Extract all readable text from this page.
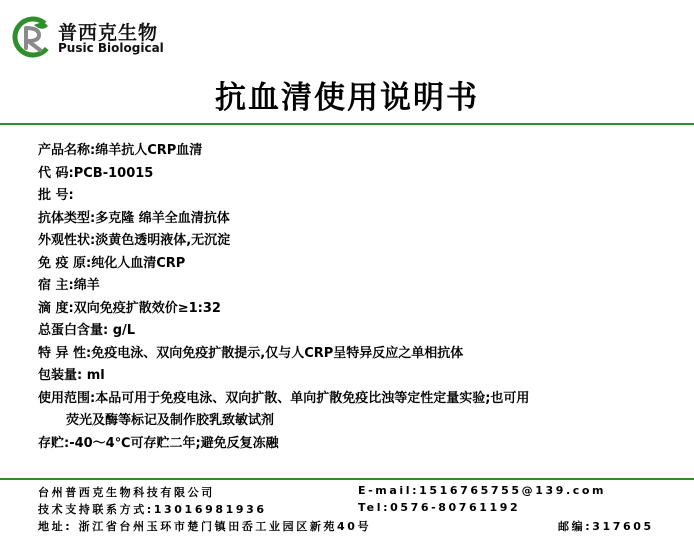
普西克生物
Pusic Biological
抗血清使用说明书
产品名称:绵羊抗人CRP血清
代 码:PCB-10015
批 号:
抗体类型:多克隆 绵羊全血清抗体
外观性状:淡黄色透明液体,无沉淀
免 疫 原:纯化人血清CRP
宿 主:绵羊
滴 度:双向免疫扩散效价≥1:32
总蛋白含量: g/L
特 异 性:免疫电泳、双向免疫扩散提示,仅与人CRP呈特异反应之单相抗体
包装量: ml
使用范围:本品可用于免疫电泳、双向扩散、单向扩散免疫比浊等定性定量实验;也可用
荧光及酶等标记及制作胶乳致敏试剂
存贮:-40～4℃可存贮二年;避免反复冻融
台州普西克生物科技有限公司	E-mail:1516765755@139.com
技术支持联系方式:13016981936	Tel:0576-80761192
地址: 浙江省台州玉环市楚门镇田岙工业园区新苑40号	邮编:317605
